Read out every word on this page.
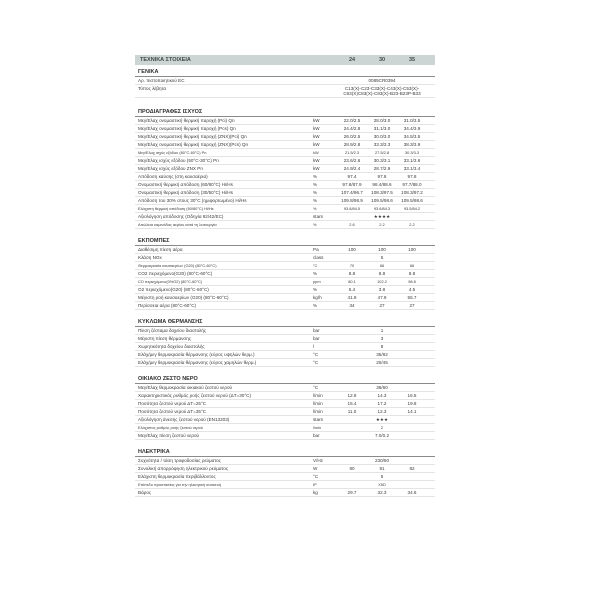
ΤΕΧΝΙΚΑ ΣΤΟΙΧΕΙΑ	24	30	35
ΓΕΝΙΚΑ
Αρ. πιστοποιητικού EC	0085CR0394
Τύπος λέβητα	C13(X)-C23-C33(X)-C43(X)-C53(X)-
C63(X)C83(X)-C93(X)-B23-B23P-B33
ΠΡΟΔΙΑΓΡΑΦΕΣ ΙΣΧΥΟΣ
Μεγ/Ελαχ ονομαστική θερμική παροχή (Pci) Qn	kW	22.0/2.5	28.0/3.0	31.0/3.5
Μεγ/Ελαχ ονομαστική θερμική παροχή (Pcs) Qn	kW	24.4/2.8	31.1/3.0	34.4/3.9
Μεγ/Ελαχ ονομαστική θερμική παροχή (ΖΝΧ)(Pci) Qn	kW	26.0/2.5	30.0/3.0	34.5/3.5
Μεγ/Ελαχ ονομαστική θερμική παροχή (ΖΝΧ)(Pcs) Qn	kW	28.9/2.8	33.3/3.3	38.3/3.9
Μεγ/Ελαχ ισχύς εξόδου (80°C-60°C) Pn	kW	21.5/2.3	27.5/2.8	30.3/3.3
Μεγ/Ελαχ ισχύς εξόδου (50°C-30°C) Pn	kW	23.6/2.6	30.3/3.1	33.1/3.6
Μεγ/Ελαχ ισχύς εξόδου ΖΝΧ Pn	kW	24.9/2.4	28.7/2.9	33.1/3.4
Απόδοση καύσης (στη καυσαέρια)	%	97.4	97.8	97.8
Ονομαστική θερμική απόδοση (60/80°C) Hi/Hs	%	97.8/87.9	98.4/88.6	97.7/88.0
Ονομαστική θερμική απόδοση (30/50°C) Hi/Hs	%	107.4/96.7	108.3/97.5	108.3/97.2
Απόδοση του 30% στους 30°C (ημιφορτωμένο) Hi/Hs	%	109.8/98.9	109.5/98.6	109.5/98.6
Ελάχιστη θερμική απόδοση (60/80°C) Hi/Hs	%	93.8/84.5	93.6/84.3	93.5/84.2
Αξιολόγηση απόδοσης (Οδηγία 92/42/EC)	stars	★★★★
Απώλεια καμινάδας αερίου κατά τη λειτουργία	%	2.6	2.2	2.2
ΕΚΠΟΜΠΕΣ
Διαθέσιμη πίεση αέρα	Pa	100	100	100
Κλάση NOx	class	5
Θερμοκρασία καυσαερίων (G20) (80°C-60°C)	°C	70	66	66
CO2 περιεχόμενο(G20) (80°C-60°C)	%	8.8	8.8	8.8
CO περιεχόμενο(0%O2) (80°C-60°C)	ppm	80.1	102.2	98.8
O2 περιεχόμενο(G20) (80°C-60°C)	%	5.4	3.8	4.5
Μέγιστη ροή καυσαερίων (G20) (80°C-60°C)	kg/h	41.9	47.9	55.7
Περίσσεια αέρα (80°C-60°C)	%	34	27	27
ΚΥΚΛΩΜΑ ΘΕΡΜΑΝΣΗΣ
Πίεση ζέσταμα δοχείου διαστολής	bar	1
Μέγιστη πίεση θέρμανσης	bar	3
Χωρητικότητα δοχείου διαστολής	l	8
Ελάχ/μεγ θερμοκρασία θέρμανσης (εύρος υψηλών θερμ.)	°C	35/82
Ελάχ/μεγ θερμοκρασία θέρμανσης (εύρος χαμηλών θερμ.)	°C	20/45
ΟΙΚΙΑΚΟ ΖΕΣΤΟ ΝΕΡΟ
Μεγ/Ελαχ θερμοκρασία οικιακού ζεστού νερού	°C	36/60
Χαρακτηριστικός ρυθμός ροής ζεστού νερού (ΔT=30°C)	l/min	12.8	14.3	16.5
Ποσότητα ζεστού νερού ΔT=25°C	l/min	15.4	17.2	19.8
Ποσότητα ζεστού νερού ΔT=35°C	l/min	11.0	12.3	14.1
Αξιολόγηση άνεσης ζεστού νερού (EN13203)	stars	★★★
Ελάχιστος ρυθμός ροής ζεστού νερού	l/min	2
Μεγ/Ελαχ πίεση ζεστού νερού	bar	7.0/0.2
ΗΛΕΚΤΡΙΚΑ
Συχνότητα / τάση τροφοδοσίας ρεύματος	V/Hz	230/50
Συνολική απορρόφηση ηλεκτρικού ρεύματος	W	80	91	82
Ελάχιστη θερμοκρασία περιβάλλοντος	°C	5
Επίπεδο προστασίας για την ηλεκτρική συσκευή	IP	X5D
Βάρος	kg	29.7	32.3	34.6
